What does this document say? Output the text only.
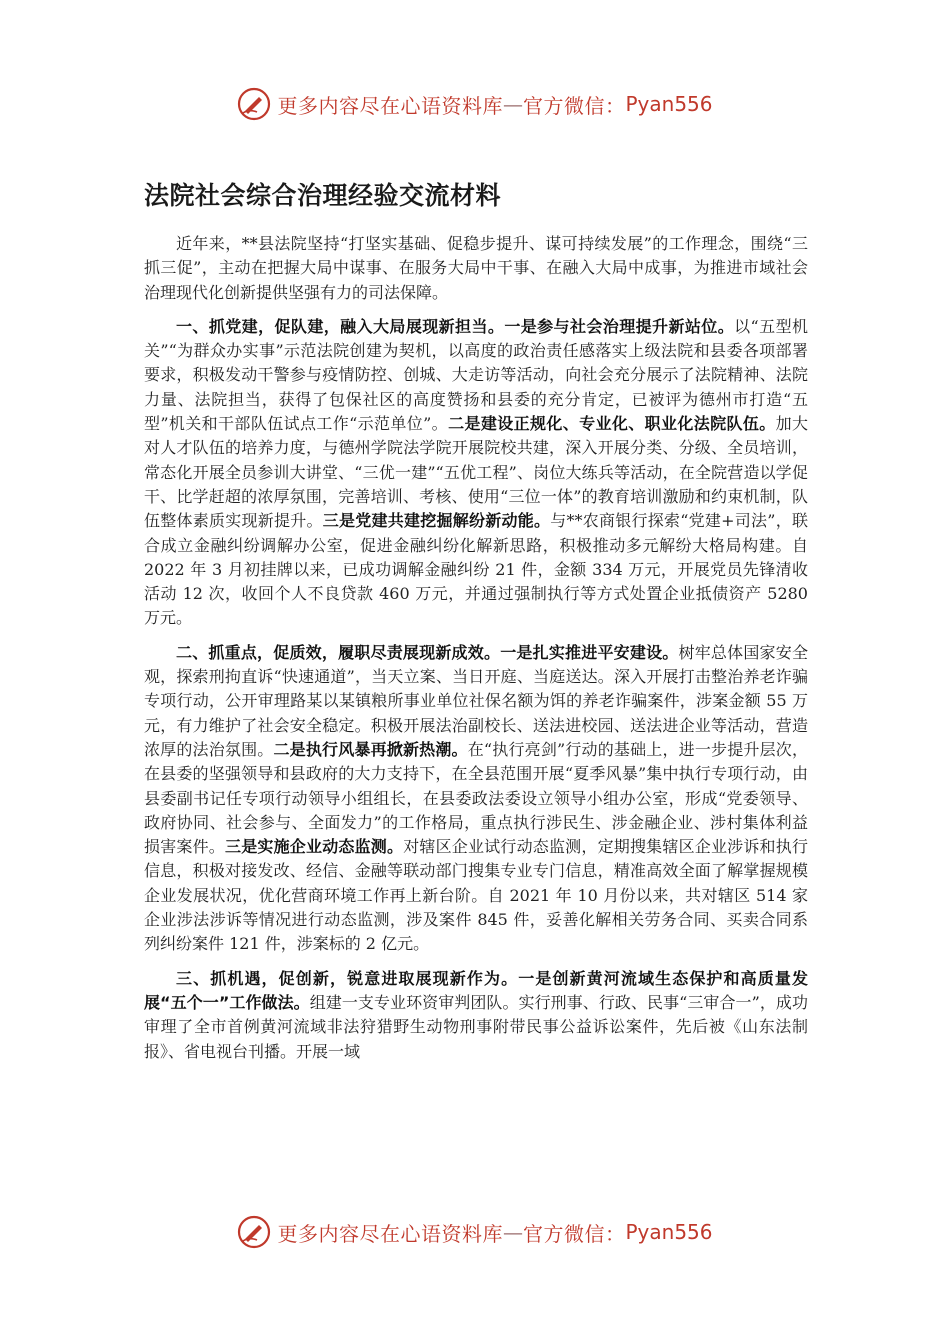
更多内容尽在心语资料库 — 官方微信： Pyan556
法院社会综合治理经验交流材料

近年来，**县法院坚持“打坚实基础、促稳步提升、谋可持续发展”的工作理念，围绕“三抓三促”，主动在把握大局中谋事、在服务大局中干事、在融入大局中成事，为推进市域社会治理现代化创新提供坚强有力的司法保障。

一、抓党建，促队建，融入大局展现新担当。一是参与社会治理提升新站位。以“五型机关”“为群众办实事”示范法院创建为契机，以高度的政治责任感落实上级法院和县委各项部署要求，积极发动干警参与疫情防控、创城、大走访等活动，向社会充分展示了法院精神、法院力量、法院担当，获得了包保社区的高度赞扬和县委的充分肯定，已被评为德州市打造“五型”机关和干部队伍试点工作“示范单位”。二是建设正规化、专业化、职业化法院队伍。加大对人才队伍的培养力度，与德州学院法学院开展院校共建，深入开展分类、分级、全员培训，常态化开展全员参训大讲堂、“三优一建”“五优工程”、岗位大练兵等活动，在全院营造以学促干、比学赶超的浓厚氛围，完善培训、考核、使用“三位一体”的教育培训激励和约束机制，队伍整体素质实现新提升。三是党建共建挖掘解纷新动能。与**农商银行探索“党建+司法”，联合成立金融纠纷调解办公室，促进金融纠纷化解新思路，积极推动多元解纷大格局构建。自 2022 年 3 月初挂牌以来，已成功调解金融纠纷 21 件，金额 334 万元，开展党员先锋清收活动 12 次，收回个人不良贷款 460 万元，并通过强制执行等方式处置企业抵债资产 5280 万元。

二、抓重点，促质效，履职尽责展现新成效。一是扎实推进平安建设。树牢总体国家安全观，探索刑拘直诉“快速通道”，当天立案、当日开庭、当庭送达。深入开展打击整治养老诈骗专项行动，公开审理路某以某镇粮所事业单位社保名额为饵的养老诈骗案件，涉案金额 55 万元，有力维护了社会安全稳定。积极开展法治副校长、送法进校园、送法进企业等活动，营造浓厚的法治氛围。二是执行风暴再掀新热潮。在“执行亮剑”行动的基础上，进一步提升层次，在县委的坚强领导和县政府的大力支持下，在全县范围开展“夏季风暴”集中执行专项行动，由县委副书记任专项行动领导小组组长，在县委政法委设立领导小组办公室，形成“党委领导、政府协同、社会参与、全面发力”的工作格局，重点执行涉民生、涉金融企业、涉村集体利益损害案件。三是实施企业动态监测。对辖区企业试行动态监测，定期搜集辖区企业涉诉和执行信息，积极对接发改、经信、金融等联动部门搜集专业专门信息，精准高效全面了解掌握规模企业发展状况，优化营商环境工作再上新台阶。自 2021 年 10 月份以来，共对辖区 514 家企业涉法涉诉等情况进行动态监测，涉及案件 845 件，妥善化解相关劳务合同、买卖合同系列纠纷案件 121 件，涉案标的 2 亿元。

三、抓机遇，促创新，锐意进取展现新作为。一是创新黄河流域生态保护和高质量发展“五个一”工作做法。组建一支专业环资审判团队。实行刑事、行政、民事“三审合一”，成功审理了全市首例黄河流域非法狩猎野生动物刑事附带民事公益诉讼案件，先后被《山东法制报》、省电视台刊播。开展一域

更多内容尽在心语资料库 — 官方微信： Pyan556
